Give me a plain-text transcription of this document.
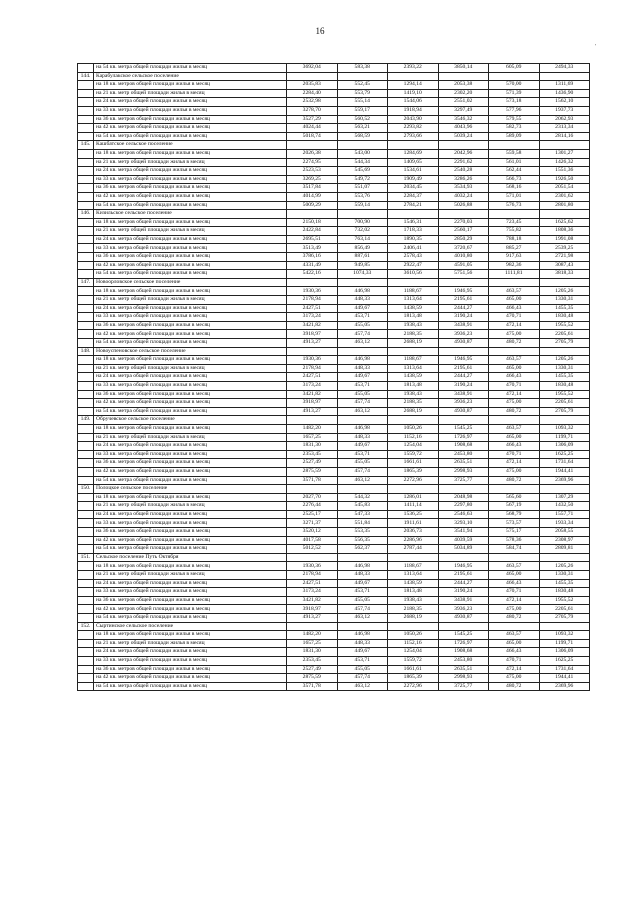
16
'
	на 54 кв. метра общей площади жилья в месяц	3692,04	583,38	2393,22	3850,14	605,09	2494,33
144.	Карабулакское сельское поселение						
	на 18 кв. метров общей площади жилья в месяц	2035,83	552,45	1294,14	2053,38	570,00	1311,69
	на 21 кв. метр общей площади жилья в месяц	2284,40	553,79	1419,10	2302,20	571,39	1436,90
	на 24 кв. метра общей площади жилья в месяц	2532,98	555,14	1544,06	2551,02	573,18	1562,10
	на 33 кв. метра общей площади жилья в месяц	3278,70	559,17	1918,94	3297,49	577,96	1937,73
	на 36 кв. метров общей площади жилья в месяц	3527,29	560,52	2043,90	3546,32	579,55	2062,93
	на 42 кв. метров общей площади жилья в месяц	4024,44	563,21	2293,82	4043,96	582,73	2313,34
	на 54 кв. метра общей площади жилья в месяц	5018,74	568,59	2793,66	5039,24	589,09	2814,16
145.	Кашбатское сельское поселение						
	на 18 кв. метров общей площади жилья в месяц	2026,38	543,00	1284,69	2042,96	559,58	1301,27
	на 21 кв. метр общей площади жилья в месяц	2274,95	544,34	1409,65	2291,62	561,01	1426,32
	на 24 кв. метра общей площади жилья в месяц	2523,53	545,69	1534,61	2540,28	562,44	1551,36
	на 33 кв. метра общей площади жилья в месяц	3269,25	549,72	1909,49	3286,26	566,73	1926,50
	на 36 кв. метров общей площади жилья в месяц	3517,84	551,07	2034,45	3534,93	568,16	2051,54
	на 42 кв. метров общей площади жилья в месяц	4014,99	553,76	2284,37	4032,24	571,01	2301,62
	на 54 кв. метра общей площади жилья в месяц	5009,29	559,14	2784,21	5026,88	576,73	2801,80
146.	Кизильское сельское поселение						
	на 18 кв. метров общей площади жилья в месяц	2150,18	700,90	1546,31	2270,03	723,45	1625,62
	на 21 кв. метр общей площади жилья в месяц	2422,84	732,02	1718,33	2560,17	755,82	1808,36
	на 24 кв. метра общей площади жилья в месяц	2695,51	763,14	1890,35	2850,29	788,18	1991,08
	на 33 кв. метра общей площади жилья в месяц	3513,49	856,49	2406,41	3720,67	885,27	2539,25
	на 36 кв. метров общей площади жилья в месяц	3786,16	887,61	2578,43	4010,80	917,63	2721,98
	на 42 кв. метров общей площади жилья в месяц	4331,49	949,85	2922,47	4591,05	982,36	3087,43
	на 54 кв. метра общей площади жилья в месяц	5422,16	1074,33	3610,56	5751,56	1111,81	3818,33
147.	Новоорловское сельское поселение						
	на 18 кв. метров общей площади жилья в месяц	1930,36	446,98	1188,67	1946,95	463,57	1205,26
	на 21 кв. метр общей площади жилья в месяц	2178,94	448,33	1313,64	2195,61	465,00	1330,31
	на 24 кв. метра общей площади жилья в месяц	2427,51	449,67	1438,59	2444,27	466,43	1455,35
	на 33 кв. метра общей площади жилья в месяц	3173,24	453,71	1813,48	3190,24	470,71	1830,48
	на 36 кв. метров общей площади жилья в месяц	3421,82	455,05	1938,43	3438,91	472,14	1955,52
	на 42 кв. метров общей площади жилья в месяц	3918,97	457,74	2188,35	3936,23	475,00	2205,61
	на 54 кв. метра общей площади жилья в месяц	4913,27	463,12	2688,19	4930,87	480,72	2705,79
148.	Новоуспеновское сельское поселение						
	на 18 кв. метров общей площади жилья в месяц	1930,36	446,98	1188,67	1946,95	463,57	1205,26
	на 21 кв. метр общей площади жилья в месяц	2178,94	448,33	1313,64	2195,61	465,00	1330,31
	на 24 кв. метра общей площади жилья в месяц	2427,51	449,67	1438,59	2444,27	466,43	1455,35
	на 33 кв. метра общей площади жилья в месяц	3173,24	453,71	1813,48	3190,24	470,71	1830,48
	на 36 кв. метров общей площади жилья в месяц	3421,82	455,05	1938,43	3438,91	472,14	1955,52
	на 42 кв. метров общей площади жилья в месяц	3918,97	457,74	2188,35	3936,23	475,00	2205,61
	на 54 кв. метра общей площади жилья в месяц	4913,27	463,12	2688,19	4930,87	480,72	2705,79
149.	Обручевское сельское поселение						
	на 18 кв. метров общей площади жилья в месяц	1482,20	446,98	1050,26	1545,25	463,57	1093,32
	на 21 кв. метр общей площади жилья в месяц	1657,25	448,33	1152,16	1726,97	465,00	1199,71
	на 24 кв. метра общей площади жилья в месяц	1831,30	449,67	1254,04	1908,68	466,43	1306,09
	на 33 кв. метра общей площади жилья в месяц	2353,45	453,71	1559,72	2453,80	470,71	1625,25
	на 36 кв. метров общей площади жилья в месяц	2527,49	455,05	1661,61	2635,51	472,14	1731,64
	на 42 кв. метров общей площади жилья в месяц	2875,59	457,74	1865,39	2998,93	475,00	1944,41
	на 54 кв. метра общей площади жилья в месяц	3571,78	463,12	2272,96	3725,77	480,72	2369,96
150.	Полоцкое сельское поселение						
	на 18 кв. метров общей площади жилья в месяц	2027,70	544,32	1286,01	2048,98	565,60	1307,29
	на 21 кв. метр общей площади жилья в месяц	2276,44	545,83	1411,14	2297,80	567,19	1432,50
	на 24 кв. метра общей площади жилья в месяц	2525,17	547,33	1536,25	2546,63	568,79	1557,71
	на 33 кв. метра общей площади жилья в месяц	3271,37	551,84	1911,61	3293,10	573,57	1933,34
	на 36 кв. метров общей площади жилья в месяц	3520,12	553,35	2036,73	3541,94	575,17	2058,55
	на 42 кв. метров общей площади жилья в месяц	4017,58	556,35	2286,96	4039,59	578,36	2308,97
	на 54 кв. метра общей площади жилья в месяц	5012,52	562,37	2787,44	5034,89	584,74	2809,81
151.	Сельское поселение Путь Октября						
	на 18 кв. метров общей площади жилья в месяц	1930,36	446,98	1188,67	1946,95	463,57	1205,26
	на 21 кв. метр общей площади жилья в месяц	2178,94	448,33	1313,64	2195,61	465,00	1330,31
	на 24 кв. метра общей площади жилья в месяц	2427,51	449,67	1438,59	2444,27	466,43	1455,35
	на 33 кв. метра общей площади жилья в месяц	3173,24	453,71	1813,48	3190,24	470,71	1830,48
	на 36 кв. метров общей площади жилья в месяц	3421,82	455,05	1938,43	3438,91	472,14	1955,52
	на 42 кв. метров общей площади жилья в месяц	3918,97	457,74	2188,35	3936,23	475,00	2205,61
	на 54 кв. метра общей площади жилья в месяц	4913,27	463,12	2688,19	4930,87	480,72	2705,79
152.	Сыртинское сельское поселение						
	на 18 кв. метров общей площади жилья в месяц	1482,20	446,98	1050,26	1545,25	463,57	1093,32
	на 21 кв. метр общей площади жилья в месяц	1657,25	448,33	1152,16	1726,97	465,00	1199,71
	на 24 кв. метра общей площади жилья в месяц	1831,30	449,67	1254,04	1908,68	466,43	1306,09
	на 33 кв. метра общей площади жилья в месяц	2353,45	453,71	1559,72	2453,80	470,71	1625,25
	на 36 кв. метров общей площади жилья в месяц	2527,49	455,05	1661,61	2635,51	472,14	1731,64
	на 42 кв. метров общей площади жилья в месяц	2875,59	457,74	1865,39	2998,93	475,00	1944,41
	на 54 кв. метра общей площади жилья в месяц	3571,78	463,12	2272,96	3725,77	480,72	2369,96
